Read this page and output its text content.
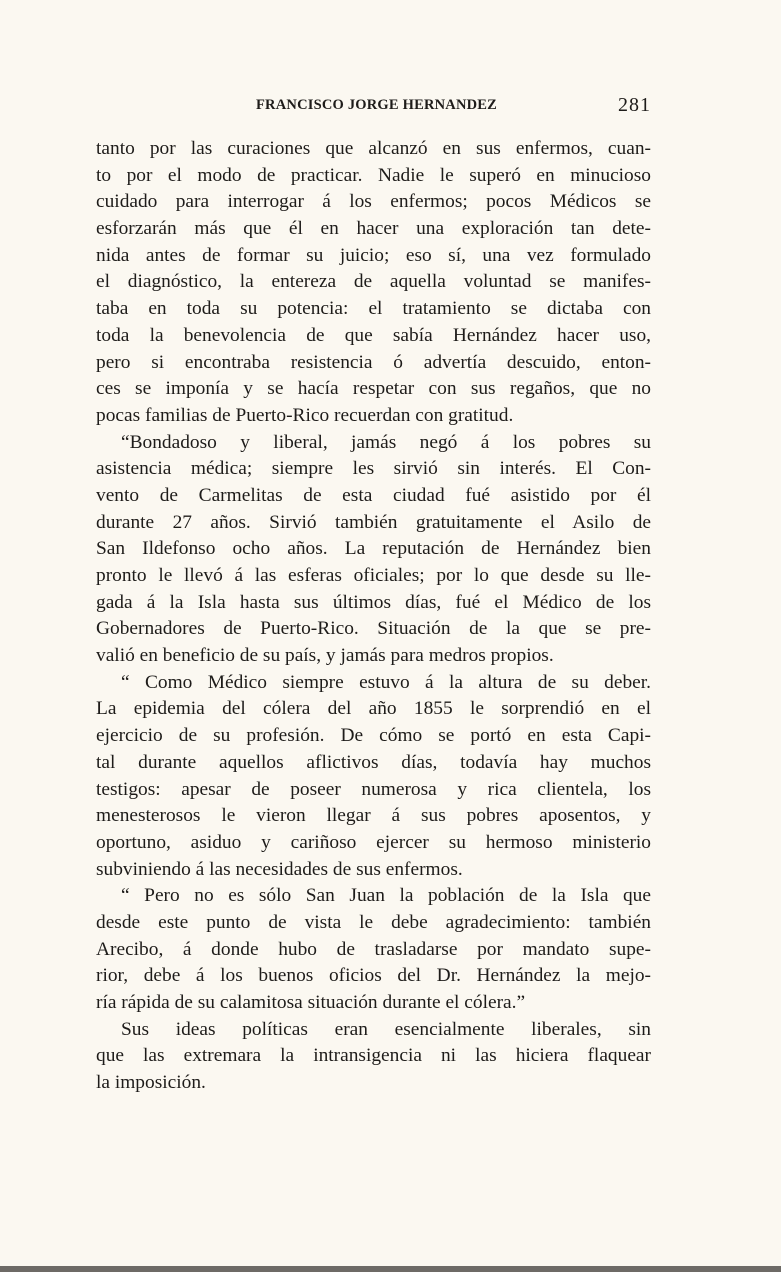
FRANCISCO JORGE HERNANDEZ	281
tanto por las curaciones que alcanzó en sus enfermos, cuan-
to por el modo de practicar. Nadie le superó en minucioso
cuidado para interrogar á los enfermos; pocos Médicos se
esforzarán más que él en hacer una exploración tan dete-
nida antes de formar su juicio; eso sí, una vez formulado
el diagnóstico, la entereza de aquella voluntad se manifes-
taba en toda su potencia: el tratamiento se dictaba con
toda la benevolencia de que sabía Hernández hacer uso,
pero si encontraba resistencia ó advertía descuido, enton-
ces se imponía y se hacía respetar con sus regaños, que no
pocas familias de Puerto-Rico recuerdan con gratitud.
“Bondadoso y liberal, jamás negó á los pobres su
asistencia médica; siempre les sirvió sin interés. El Con-
vento de Carmelitas de esta ciudad fué asistido por él
durante 27 años. Sirvió también gratuitamente el Asilo de
San Ildefonso ocho años. La reputación de Hernández bien
pronto le llevó á las esferas oficiales; por lo que desde su lle-
gada á la Isla hasta sus últimos días, fué el Médico de los
Gobernadores de Puerto-Rico. Situación de la que se pre-
valió en beneficio de su país, y jamás para medros propios.
“ Como Médico siempre estuvo á la altura de su deber.
La epidemia del cólera del año 1855 le sorprendió en el
ejercicio de su profesión. De cómo se portó en esta Capi-
tal durante aquellos aflictivos días, todavía hay muchos
testigos: apesar de poseer numerosa y rica clientela, los
menesterosos le vieron llegar á sus pobres aposentos, y
oportuno, asiduo y cariñoso ejercer su hermoso ministerio
subviniendo á las necesidades de sus enfermos.
“ Pero no es sólo San Juan la población de la Isla que
desde este punto de vista le debe agradecimiento: también
Arecibo, á donde hubo de trasladarse por mandato supe-
rior, debe á los buenos oficios del Dr. Hernández la mejo-
ría rápida de su calamitosa situación durante el cólera.”
Sus ideas políticas eran esencialmente liberales, sin
que las extremara la intransigencia ni las hiciera flaquear
la imposición.
